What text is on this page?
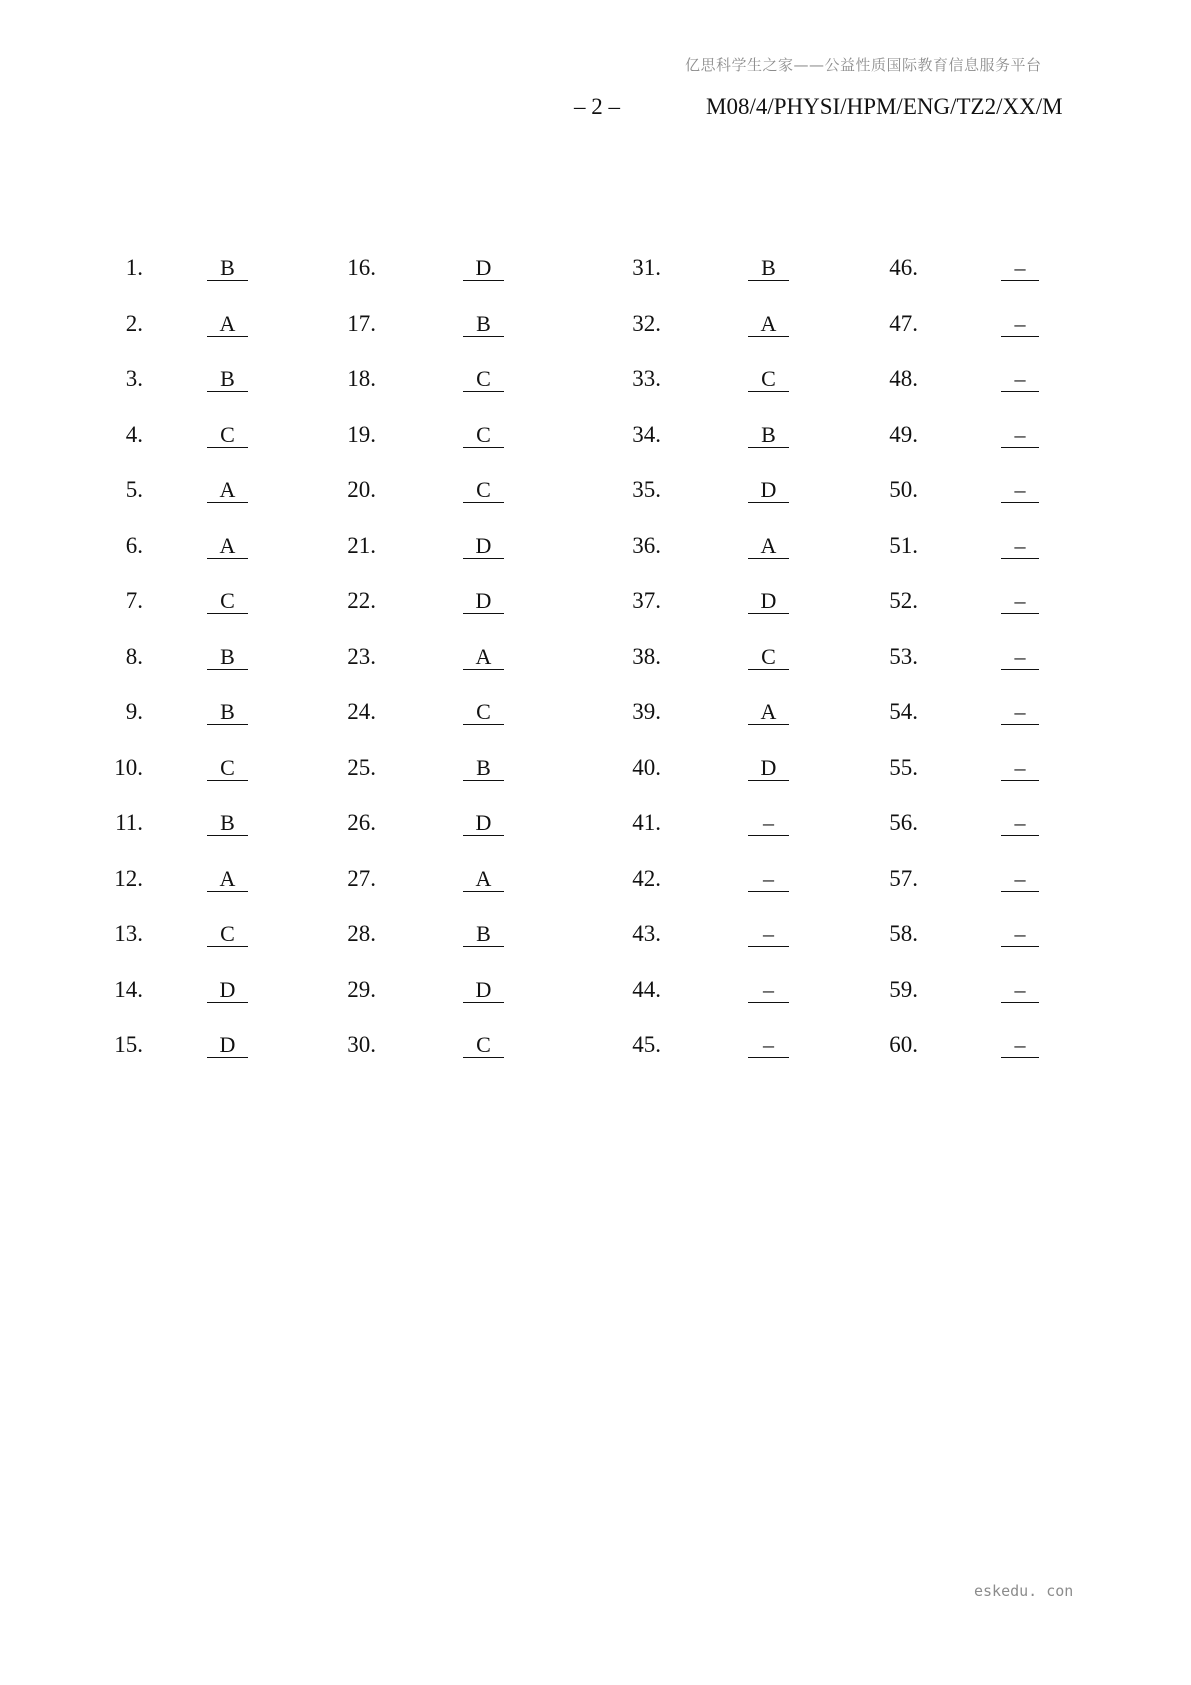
亿思科学生之家——公益性质国际教育信息服务平台
– 2 –	M08/4/PHYSI/HPM/ENG/TZ2/XX/M
1.	B
2.	A
3.	B
4.	C
5.	A
6.	A
7.	C
8.	B
9.	B
10.	C
11.	B
12.	A
13.	C
14.	D
15.	D
16.	D
17.	B
18.	C
19.	C
20.	C
21.	D
22.	D
23.	A
24.	C
25.	B
26.	D
27.	A
28.	B
29.	D
30.	C
31.	B
32.	A
33.	C
34.	B
35.	D
36.	A
37.	D
38.	C
39.	A
40.	D
41.	–
42.	–
43.	–
44.	–
45.	–
46.	–
47.	–
48.	–
49.	–
50.	–
51.	–
52.	–
53.	–
54.	–
55.	–
56.	–
57.	–
58.	–
59.	–
60.	–
eskedu. con
